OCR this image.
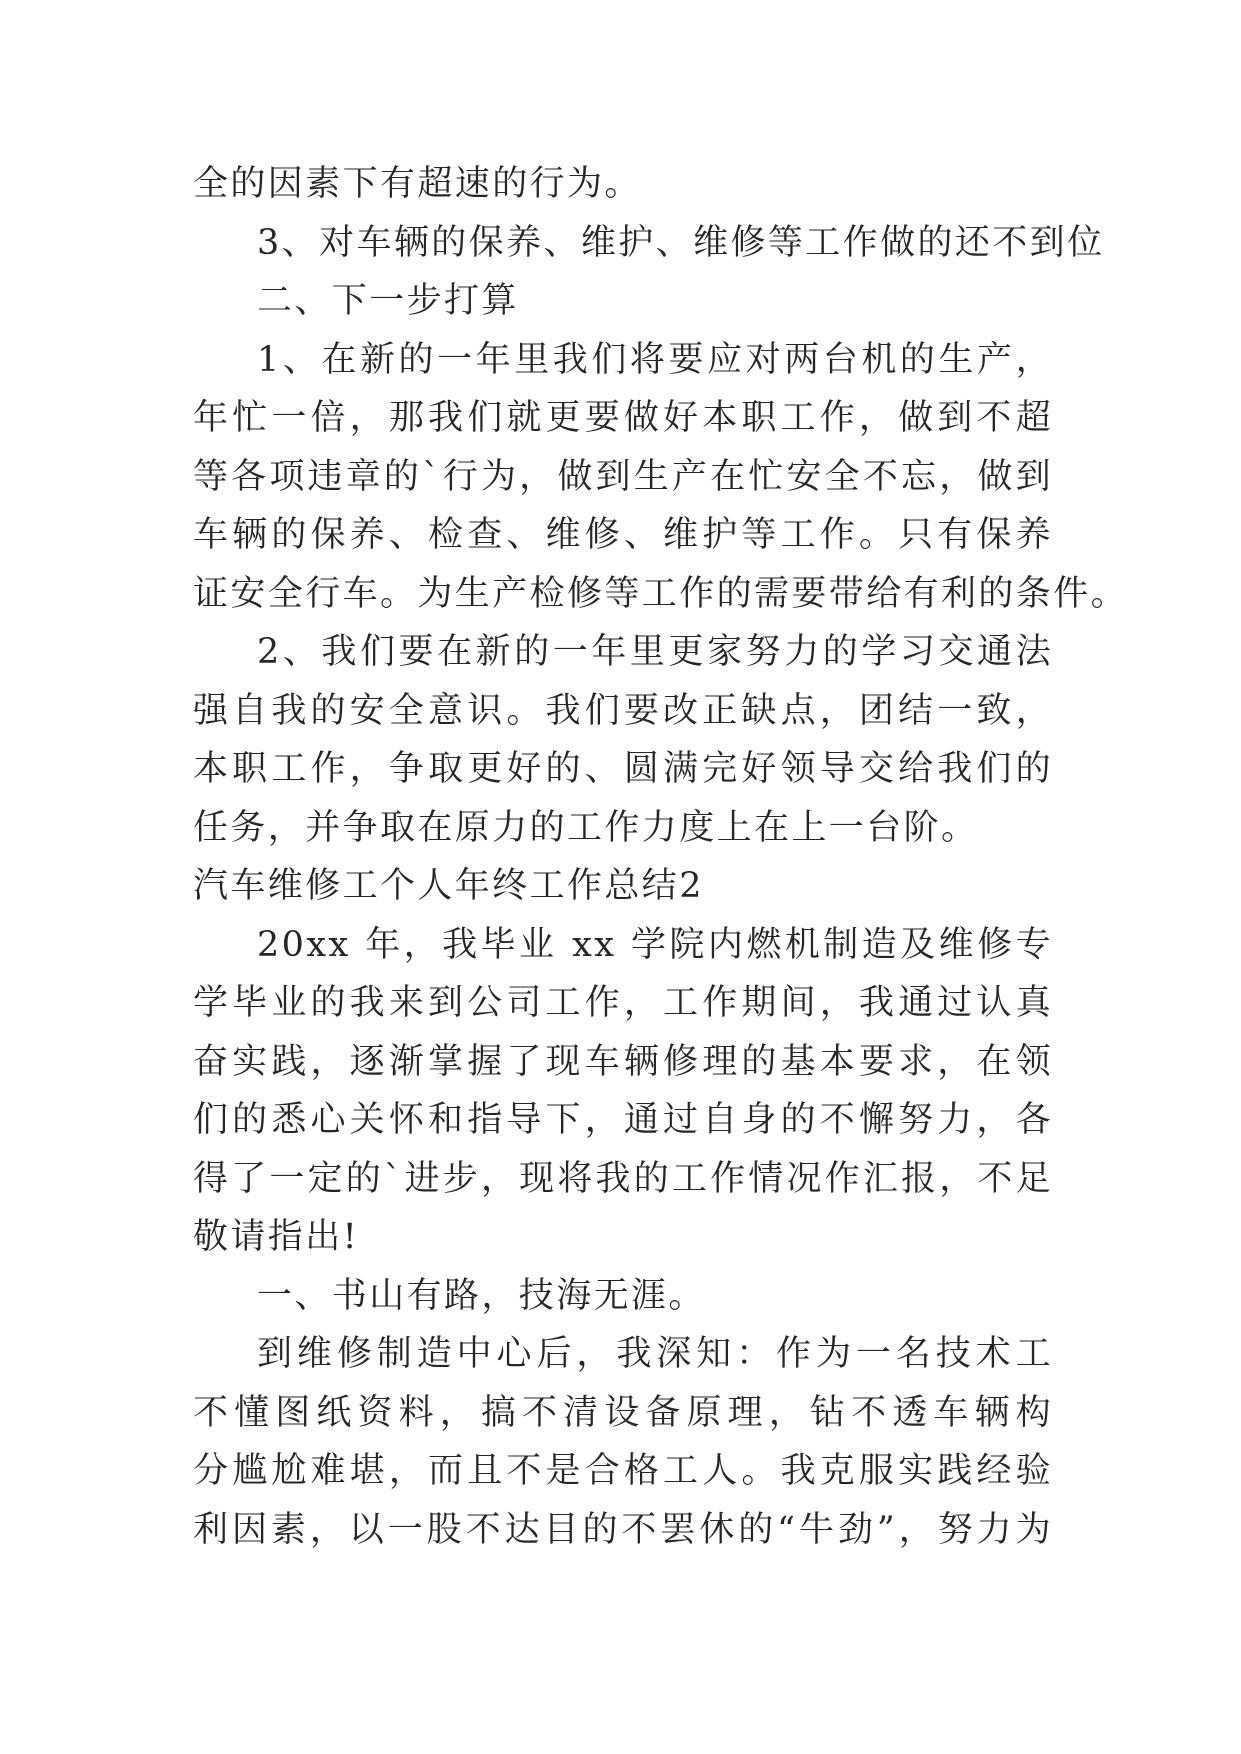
全的因素下有超速的行为。
3、对车辆的保养、维护、维修等工作做的还不到位
二、下一步打算
1、在新的一年里我们将要应对两台机的生产，
年忙一倍，那我们就更要做好本职工作，做到不超
等各项违章的`行为，做到生产在忙安全不忘，做到
车辆的保养、检查、维修、维护等工作。只有保养
证安全行车。为生产检修等工作的需要带给有利的条件。
2、我们要在新的一年里更家努力的学习交通法
强自我的安全意识。我们要改正缺点，团结一致，
本职工作，争取更好的、圆满完好领导交给我们的
任务，并争取在原力的工作力度上在上一台阶。
汽车维修工个人年终工作总结2
20xx 年，我毕业 xx 学院内燃机制造及维修专
学毕业的我来到公司工作，工作期间，我通过认真
奋实践，逐渐掌握了现车辆修理的基本要求，在领
们的悉心关怀和指导下，通过自身的不懈努力，各
得了一定的`进步，现将我的工作情况作汇报，不足
敬请指出!
一、书山有路，技海无涯。
到维修制造中心后，我深知：作为一名技术工
不懂图纸资料，搞不清设备原理，钻不透车辆构
分尴尬难堪，而且不是合格工人。我克服实践经验
利因素，以一股不达目的不罢休的“牛劲”，努力为
